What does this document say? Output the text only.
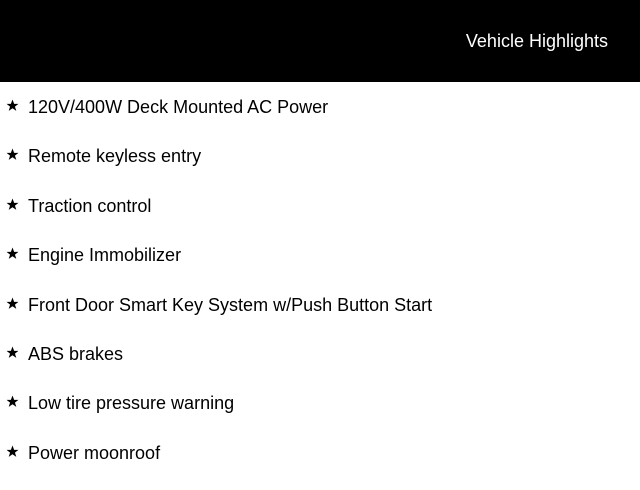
Vehicle Highlights
120V/400W Deck Mounted AC Power
Remote keyless entry
Traction control
Engine Immobilizer
Front Door Smart Key System w/Push Button Start
ABS brakes
Low tire pressure warning
Power moonroof
